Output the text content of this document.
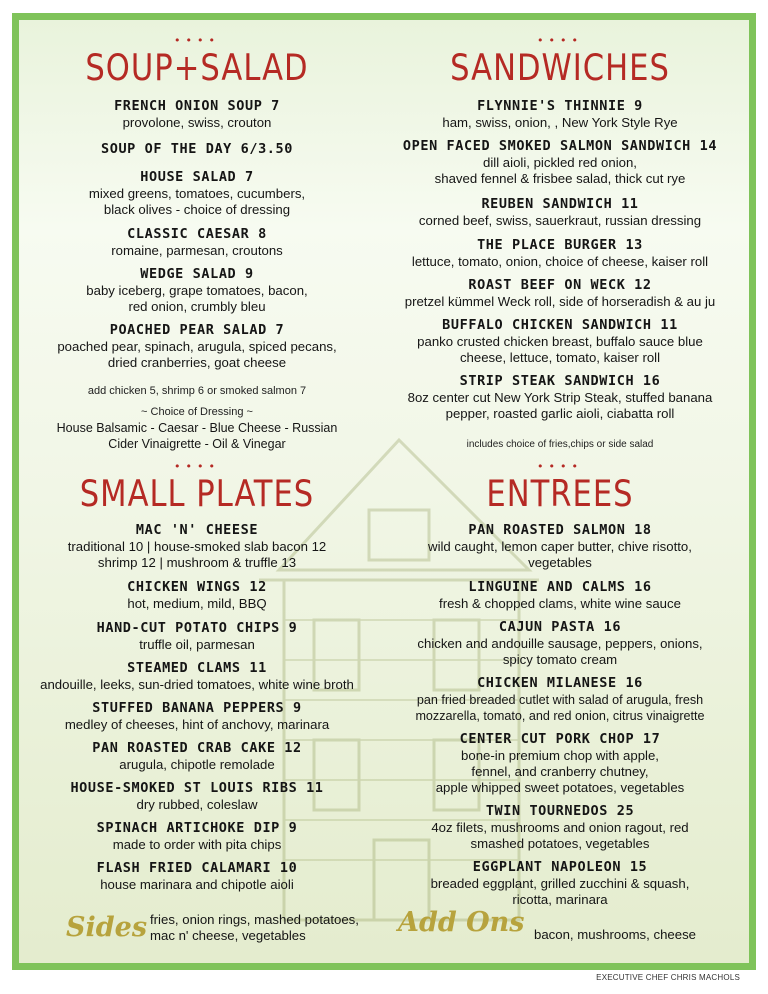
••••
SOUP+SALAD
FRENCH ONION SOUP 7
provolone, swiss, crouton
SOUP OF THE DAY 6/3.50
HOUSE SALAD 7
mixed greens, tomatoes, cucumbers,
black olives - choice of dressing
CLASSIC CAESAR 8
romaine, parmesan, croutons
WEDGE SALAD 9
baby iceberg, grape tomatoes, bacon,
red onion, crumbly bleu
POACHED PEAR SALAD 7
poached pear, spinach, arugula, spiced pecans,
dried cranberries, goat cheese
add chicken 5, shrimp 6 or smoked salmon 7
~ Choice of Dressing ~
House Balsamic - Caesar - Blue Cheese - Russian
Cider Vinaigrette - Oil & Vinegar
••••
SANDWICHES
FLYNNIE'S THINNIE 9
ham, swiss, onion, , New York Style Rye
OPEN FACED SMOKED SALMON SANDWICH 14
dill aioli, pickled red onion,
shaved fennel & frisbee salad, thick cut rye
REUBEN SANDWICH 11
corned beef, swiss, sauerkraut, russian dressing
THE PLACE BURGER 13
lettuce, tomato, onion, choice of cheese, kaiser roll
ROAST BEEF ON WECK 12
pretzel kümmel Weck roll, side of horseradish & au ju
BUFFALO CHICKEN SANDWICH 11
panko crusted chicken breast, buffalo sauce blue
cheese, lettuce, tomato, kaiser roll
STRIP STEAK SANDWICH 16
8oz center cut New York Strip Steak, stuffed banana
pepper, roasted garlic aioli, ciabatta roll
includes choice of fries,chips or side salad
••••
SMALL PLATES
MAC 'N' CHEESE
traditional 10 | house-smoked slab bacon 12
shrimp 12 | mushroom & truffle 13
CHICKEN WINGS 12
hot, medium, mild, BBQ
HAND-CUT POTATO CHIPS 9
truffle oil, parmesan
STEAMED CLAMS 11
andouille, leeks, sun-dried tomatoes, white wine broth
STUFFED BANANA PEPPERS 9
medley of cheeses, hint of anchovy, marinara
PAN ROASTED CRAB CAKE 12
arugula, chipotle remolade
HOUSE-SMOKED ST LOUIS RIBS 11
dry rubbed, coleslaw
SPINACH ARTICHOKE DIP 9
made to order with pita chips
FLASH FRIED CALAMARI 10
house marinara and chipotle aioli
••••
ENTREES
PAN ROASTED SALMON 18
wild caught, lemon caper butter, chive risotto,
vegetables
LINGUINE AND CALMS 16
fresh & chopped clams, white wine sauce
CAJUN PASTA 16
chicken and andouille sausage, peppers, onions,
spicy tomato cream
CHICKEN MILANESE 16
pan fried breaded cutlet with salad of arugula, fresh
mozzarella, tomato, and red onion, citrus vinaigrette
CENTER CUT PORK CHOP 17
bone-in premium chop with apple,
fennel, and cranberry chutney,
apple whipped sweet potatoes, vegetables
TWIN TOURNEDOS 25
4oz filets, mushrooms and onion ragout, red
smashed potatoes, vegetables
EGGPLANT NAPOLEON 15
breaded eggplant, grilled zucchini & squash,
ricotta, marinara
Sides fries, onion rings, mashed potatoes,
mac n' cheese, vegetables	Add Ons bacon, mushrooms, cheese
EXECUTIVE CHEF CHRIS MACHOLS
